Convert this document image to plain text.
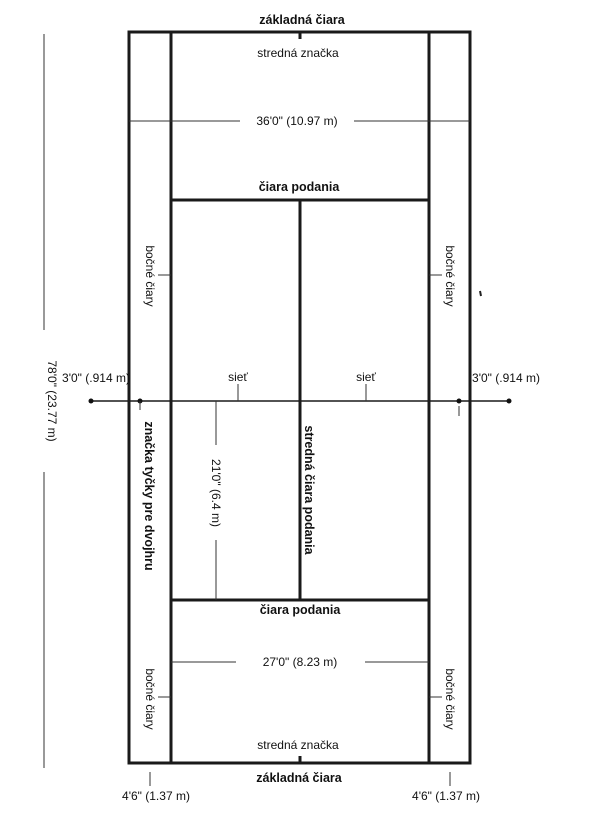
78'0" (23.77 m)
36'0" (10.97 m)
27'0" (8.23 m)
21'0" (6.4 m)
základná čiara
stredná značka
čiara podania
sieť	sieť
3'0" (.914 m)	3'0" (.914 m)
čiara podania
stredná značka
základná čiara
4'6" (1.37 m)	4'6" (1.37 m)
bočné čiary	bočné čiary
bočné čiary	bočné čiary
značka tyčky pre dvojhru	stredná čiara podania
